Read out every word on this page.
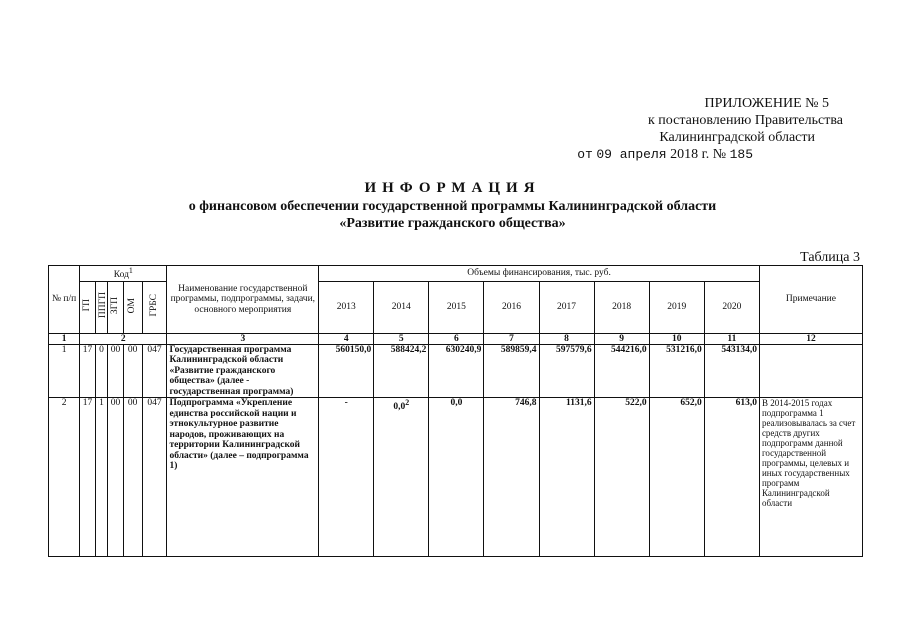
ПРИЛОЖЕНИЕ № 5
к постановлению Правительства
Калининградской области
от 09 апреля 2018 г. № 185
ИНФОРМАЦИЯ
о финансовом обеспечении государственной программы Калининградской области
«Развитие гражданского общества»
Таблица 3
№ п/п	Код$^1$					Наименование государственной программы, подпрограммы, задачи, основного мероприятия	Объемы финансирования, тыс. руб.								Примечание
	ГП	ППГП	ЗГП	ОМ	ГРБС		2013	2014	2015	2016	2017	2018	2019	2020	
1	2					3	4	5	6	7	8	9	10	11	12
1	17	0	00	00	047	Государственная программа Калининградской области «Развитие гражданского общества» (далее - государственная программа)	560150,0	588424,2	630240,9	589859,4	597579,6	544216,0	531216,0	543134,0	
2	17	1	00	00	047	Подпрограмма «Укрепление единства российской нации и этнокультурное развитие народов, проживающих на территории Калининградской области» (далее – подпрограмма 1)	-	$0,0^2$	0,0	746,8	1131,6	522,0	652,0	613,0	В 2014-2015 годах подпрограмма 1 реализовывалась за счет средств других подпрограмм данной государственной программы, целевых и иных государственных программ Калининградской области
